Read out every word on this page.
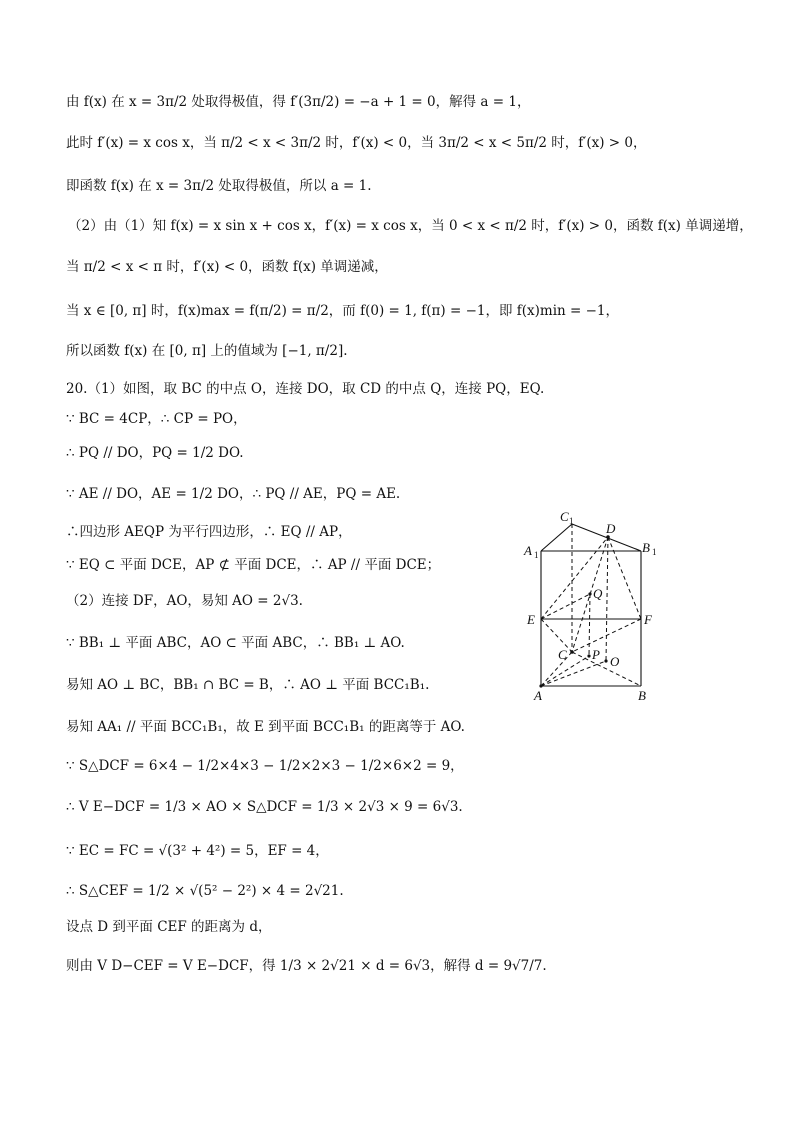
由 f(x) 在 x = 3π/2 处取得极值，得 f′(3π/2) = −a + 1 = 0，解得 a = 1，
此时 f′(x) = x cos x，当 π/2 < x < 3π/2 时，f′(x) < 0，当 3π/2 < x < 5π/2 时，f′(x) > 0，
即函数 f(x) 在 x = 3π/2 处取得极值，所以 a = 1.
（2）由（1）知 f(x) = x sin x + cos x，f′(x) = x cos x，当 0 < x < π/2 时，f′(x) > 0，函数 f(x) 单调递增，
当 π/2 < x < π 时，f′(x) < 0，函数 f(x) 单调递减，
当 x ∈ [0, π] 时，f(x)max = f(π/2) = π/2，而 f(0) = 1, f(π) = −1，即 f(x)min = −1，
所以函数 f(x) 在 [0, π] 上的值域为 [−1, π/2].
20.（1）如图，取 BC 的中点 O，连接 DO，取 CD 的中点 Q，连接 PQ，EQ.
∵ BC = 4CP，∴ CP = PO，
∴ PQ // DO，PQ = 1/2 DO.
∵ AE // DO，AE = 1/2 DO，∴ PQ // AE，PQ = AE.
∴四边形 AEQP 为平行四边形，∴ EQ // AP，
∵ EQ ⊂ 平面 DCE，AP ⊄ 平面 DCE，∴ AP // 平面 DCE；
（2）连接 DF，AO，易知 AO = 2√3.
∵ BB₁ ⊥ 平面 ABC，AO ⊂ 平面 ABC，∴ BB₁ ⊥ AO.
易知 AO ⊥ BC，BB₁ ∩ BC = B，∴ AO ⊥ 平面 BCC₁B₁.
易知 AA₁ // 平面 BCC₁B₁，故 E 到平面 BCC₁B₁ 的距离等于 AO.
∵ S△DCF = 6×4 − 1/2×4×3 − 1/2×2×3 − 1/2×6×2 = 9，
∴ V E−DCF = 1/3 × AO × S△DCF = 1/3 × 2√3 × 9 = 6√3.
∵ EC = FC = √(3² + 4²) = 5，EF = 4，
∴ S△CEF = 1/2 × √(5² − 2²) × 4 = 2√21.
设点 D 到平面 CEF 的距离为 d，
则由 V D−CEF = V E−DCF，得 1/3 × 2√21 × d = 6√3，解得 d = 9√7/7.
C 1	D
A 1	B 1
Q
E	F
C P O
A	B
